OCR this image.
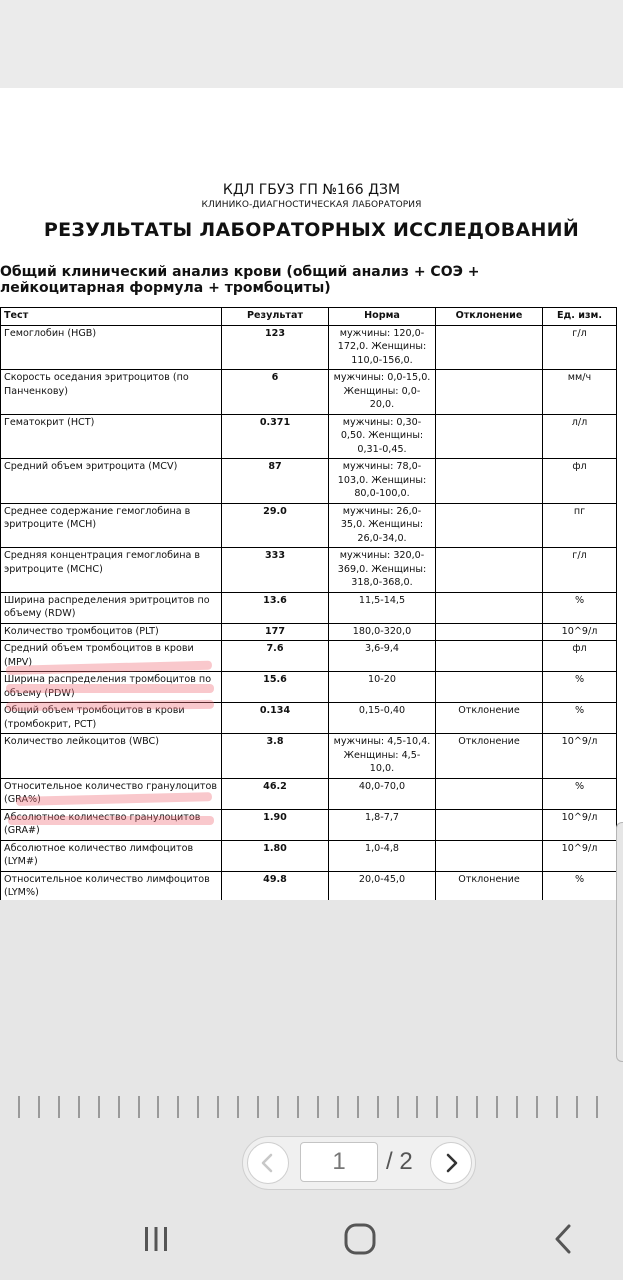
КДЛ ГБУЗ ГП №166 ДЗМ
КЛИНИКО-ДИАГНОСТИЧЕСКАЯ ЛАБОРАТОРИЯ
РЕЗУЛЬТАТЫ ЛАБОРАТОРНЫХ ИССЛЕДОВАНИЙ
Общий клинический анализ крови (общий анализ + СОЭ + лейкоцитарная формула + тромбоциты)
Тест	Результат	Норма	Отклонение	Ед. изм.
Гемоглобин (HGB)	123	мужчины: 120,0-172,0. Женщины: 110,0-156,0.		г/л
Скорость оседания эритроцитов (по Панченкову)	6	мужчины: 0,0-15,0. Женщины: 0,0-20,0.		мм/ч
Гематокрит (HCT)	0.371	мужчины: 0,30-0,50. Женщины: 0,31-0,45.		л/л
Средний объем эритроцита (MCV)	87	мужчины: 78,0-103,0. Женщины: 80,0-100,0.		фл
Среднее содержание гемоглобина в эритроците (MCH)	29.0	мужчины: 26,0-35,0. Женщины: 26,0-34,0.		пг
Средняя концентрация гемоглобина в эритроците (MCHC)	333	мужчины: 320,0-369,0. Женщины: 318,0-368,0.		г/л
Ширина распределения эритроцитов по объему (RDW)	13.6	11,5-14,5		%
Количество тромбоцитов (PLT)	177	180,0-320,0		10^9/л
Средний объем тромбоцитов в крови (MPV)	7.6	3,6-9,4		фл
Ширина распределения тромбоцитов по объему (PDW)	15.6	10-20		%
Общий объем тромбоцитов в крови (тромбокрит, PCT)	0.134	0,15-0,40	Отклонение	%
Количество лейкоцитов (WBC)	3.8	мужчины: 4,5-10,4. Женщины: 4,5-10,0.	Отклонение	10^9/л
Относительное количество гранулоцитов (GRA%)	46.2	40,0-70,0		%
Абсолютное количество гранулоцитов (GRA#)	1.90	1,8-7,7		10^9/л
Абсолютное количество лимфоцитов (LYM#)	1.80	1,0-4,8		10^9/л
Относительное количество лимфоцитов (LYM%)	49.8	20,0-45,0	Отклонение	%
1	/ 2
